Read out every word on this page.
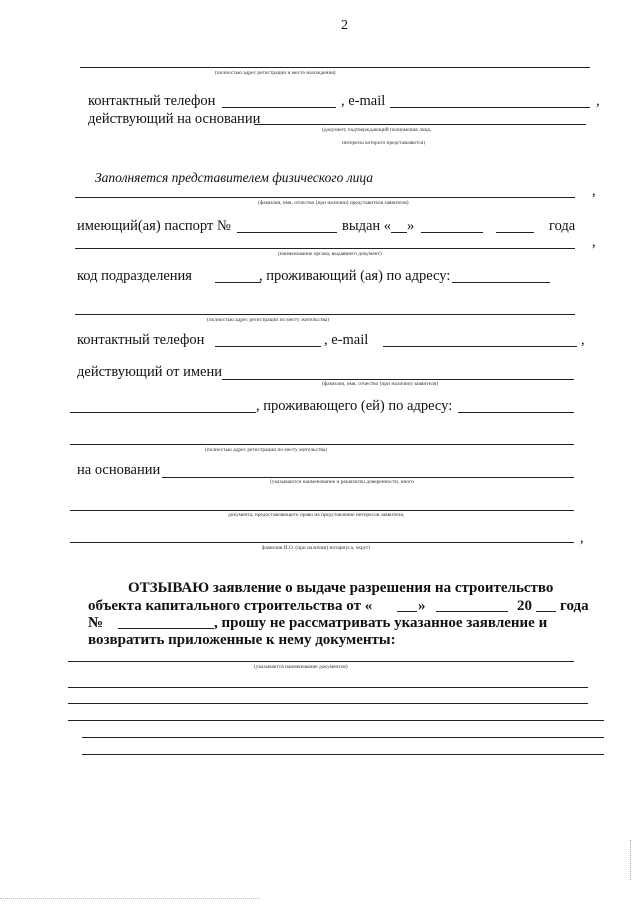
2
(полностью адрес регистрации и место нахождения)
контактный телефон	, e-mail	,
действующий на основании
(документ, подтверждающий полномочия лица,
интересы которого представляются)
Заполняется представителем физического лица
,
(фамилия, имя, отчество (при наличии) представителя заявителя)
имеющий(ая) паспорт №	выдан « »	года
,
(наименование органа, выдавшего документ)
код подразделения	, проживающий (ая) по адресу:
(полностью адрес регистрации по месту жительства)
контактный телефон	, e-mail	,
действующий от имени
(фамилия, имя, отчество (при наличии) заявителя)
, проживающего (ей) по адресу:
(полностью адрес регистрации по месту жительства)
на основании
(указываются наименование и реквизиты доверенности, иного
документа, предоставляющего право на представление интересов заявителя,
,
фамилия И.О. (при наличии) нотариуса, округ)
ОТЗЫВАЮ заявление о выдаче разрешения на строительство
объекта капитального строительства от «	»	20 года
№	, прошу не рассматривать указанное заявление и
возвратить приложенные к нему документы:
(указывается наименование документов)
